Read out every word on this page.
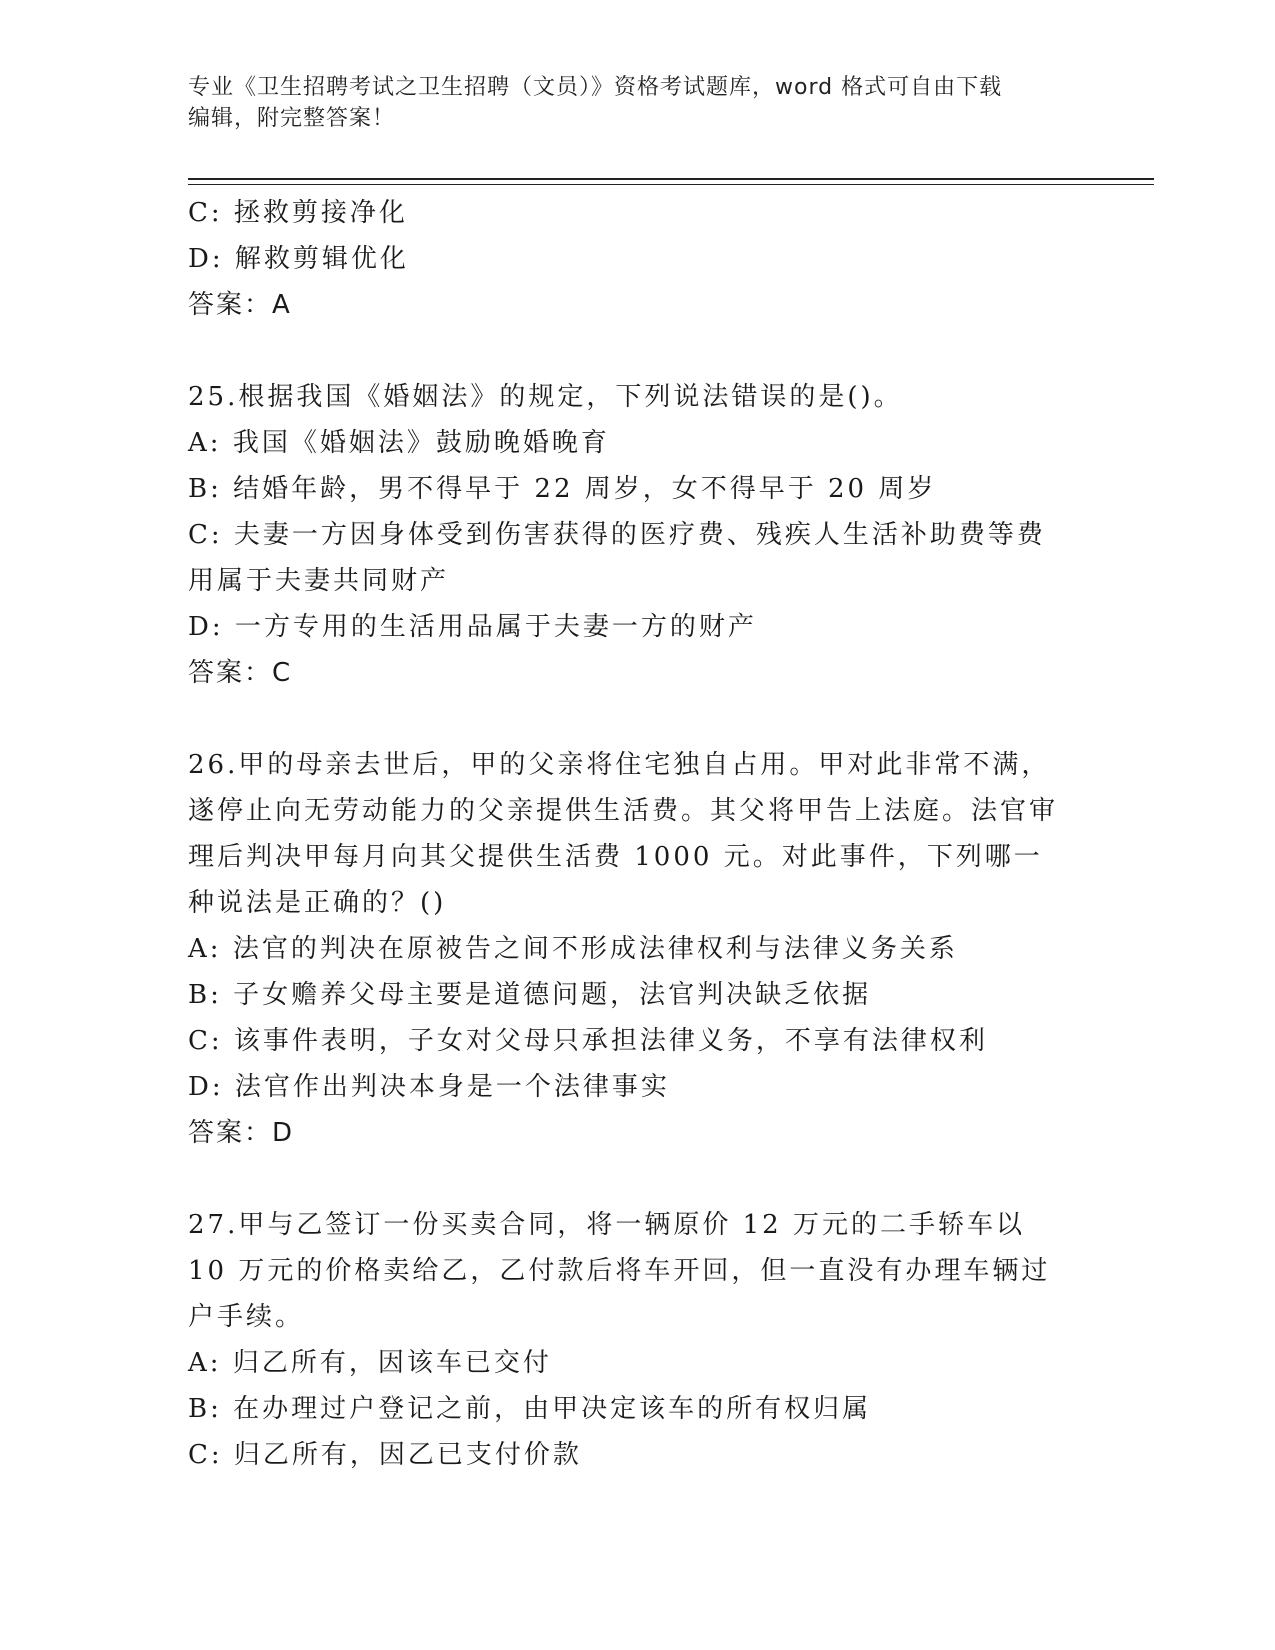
专业《卫生招聘考试之卫生招聘（文员）》资格考试题库，word 格式可自由下载
编辑，附完整答案！

C: 拯救剪接净化

D: 解救剪辑优化

答案：A

25.根据我国《婚姻法》的规定，下列说法错误的是()。

A: 我国《婚姻法》鼓励晚婚晚育

B: 结婚年龄，男不得早于 22 周岁，女不得早于 20 周岁

C: 夫妻一方因身体受到伤害获得的医疗费、残疾人生活补助费等费用属于夫妻共同财产

D: 一方专用的生活用品属于夫妻一方的财产

答案：C

26.甲的母亲去世后，甲的父亲将住宅独自占用。甲对此非常不满，遂停止向无劳动能力的父亲提供生活费。其父将甲告上法庭。法官审理后判决甲每月向其父提供生活费 1000 元。对此事件，下列哪一种说法是正确的？()

A: 法官的判决在原被告之间不形成法律权利与法律义务关系

B: 子女赡养父母主要是道德问题，法官判决缺乏依据

C: 该事件表明，子女对父母只承担法律义务，不享有法律权利

D: 法官作出判决本身是一个法律事实

答案：D

27.甲与乙签订一份买卖合同，将一辆原价 12 万元的二手轿车以 10 万元的价格卖给乙，乙付款后将车开回，但一直没有办理车辆过户手续。

A: 归乙所有，因该车已交付

B: 在办理过户登记之前，由甲决定该车的所有权归属

C: 归乙所有，因乙已支付价款
